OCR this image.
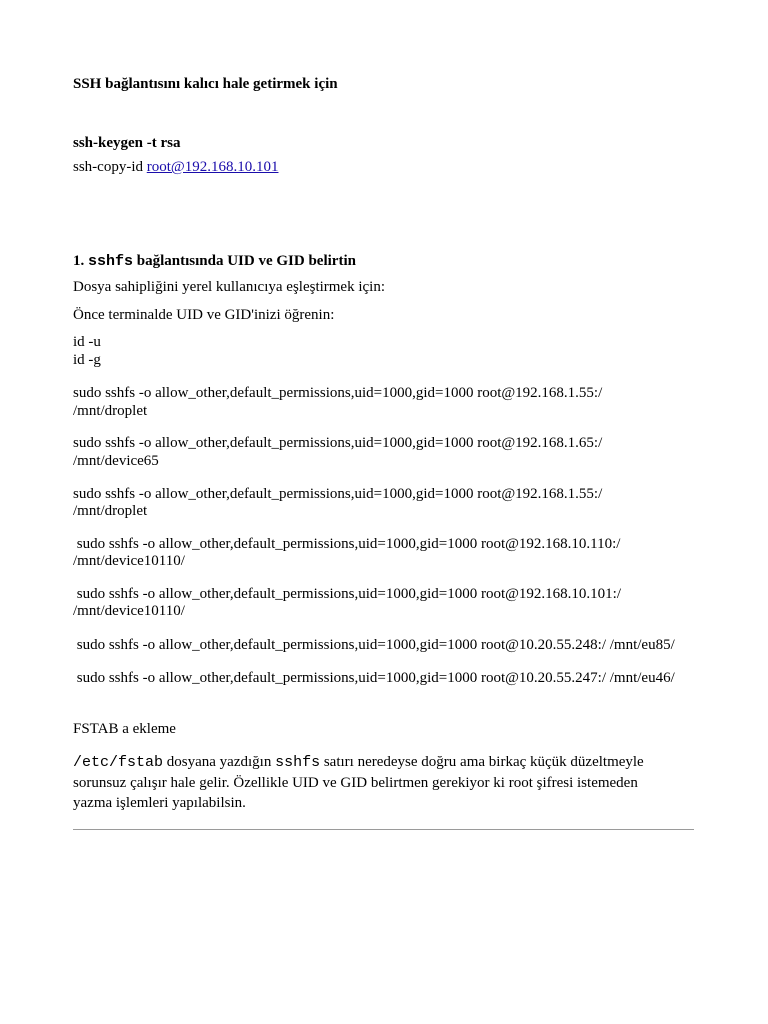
SSH bağlantısını kalıcı hale getirmek için
ssh-keygen -t rsa
ssh-copy-id root@192.168.10.101
1. sshfs bağlantısında UID ve GID belirtin
Dosya sahipliğini yerel kullanıcıya eşleştirmek için:
Önce terminalde UID ve GID'inizi öğrenin:
id -u
id -g
sudo sshfs -o allow_other,default_permissions,uid=1000,gid=1000 root@192.168.1.55:/
/mnt/droplet
sudo sshfs -o allow_other,default_permissions,uid=1000,gid=1000 root@192.168.1.65:/
/mnt/device65
sudo sshfs -o allow_other,default_permissions,uid=1000,gid=1000 root@192.168.1.55:/
/mnt/droplet
sudo sshfs -o allow_other,default_permissions,uid=1000,gid=1000 root@192.168.10.110:/
/mnt/device10110/
sudo sshfs -o allow_other,default_permissions,uid=1000,gid=1000 root@192.168.10.101:/
/mnt/device10110/
sudo sshfs -o allow_other,default_permissions,uid=1000,gid=1000 root@10.20.55.248:/ /mnt/eu85/
sudo sshfs -o allow_other,default_permissions,uid=1000,gid=1000 root@10.20.55.247:/ /mnt/eu46/
FSTAB a ekleme
/etc/fstab dosyana yazdığın sshfs satırı neredeyse doğru ama birkaç küçük düzeltmeyle
sorunsuz çalışır hale gelir. Özellikle UID ve GID belirtmen gerekiyor ki root şifresi istemeden
yazma işlemleri yapılabilsin.
